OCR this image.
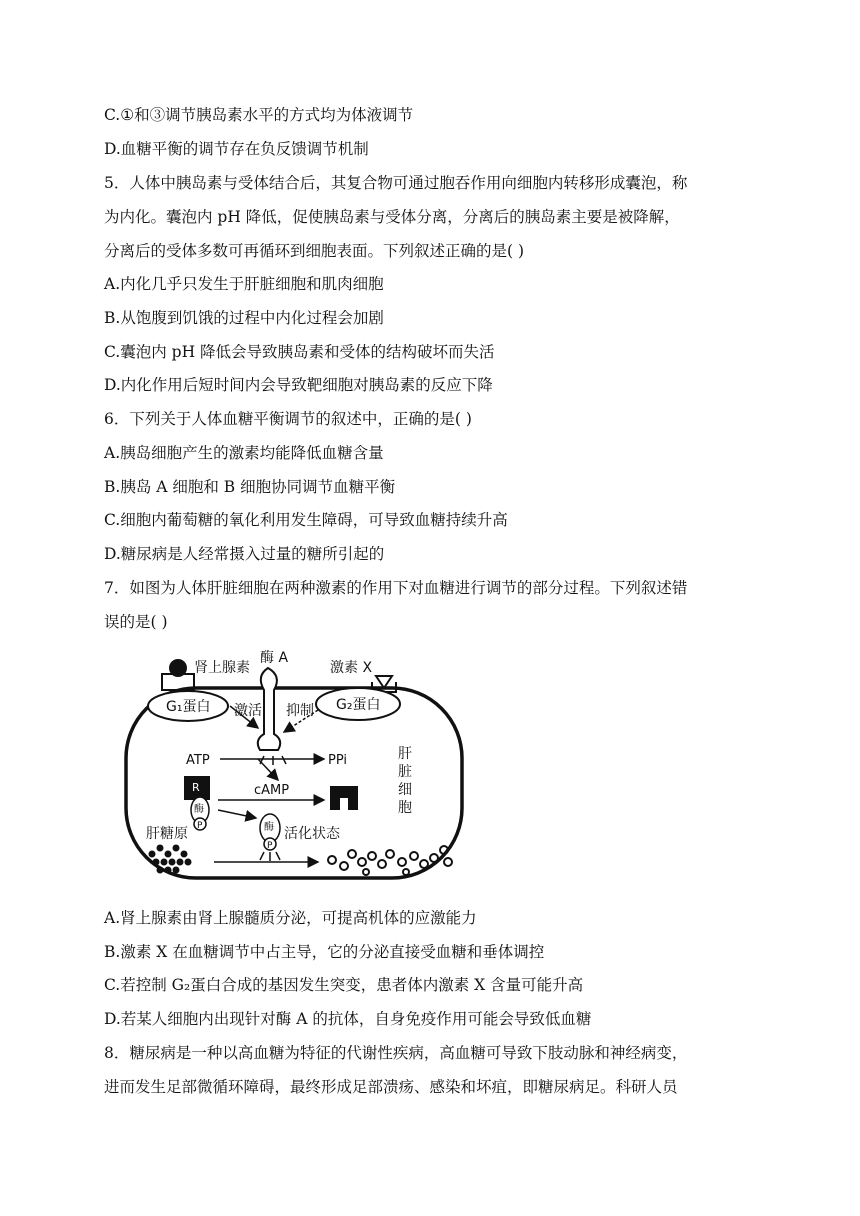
C.①和③调节胰岛素水平的方式均为体液调节
D.血糖平衡的调节存在负反馈调节机制
5．人体中胰岛素与受体结合后，其复合物可通过胞吞作用向细胞内转移形成囊泡，称
为内化。囊泡内 pH 降低，促使胰岛素与受体分离，分离后的胰岛素主要是被降解，
分离后的受体多数可再循环到细胞表面。下列叙述正确的是( )
A.内化几乎只发生于肝脏细胞和肌肉细胞
B.从饱腹到饥饿的过程中内化过程会加剧
C.囊泡内 pH 降低会导致胰岛素和受体的结构破坏而失活
D.内化作用后短时间内会导致靶细胞对胰岛素的反应下降
6．下列关于人体血糖平衡调节的叙述中，正确的是( )
A.胰岛细胞产生的激素均能降低血糖含量
B.胰岛 A 细胞和 B 细胞协同调节血糖平衡
C.细胞内葡萄糖的氧化利用发生障碍，可导致血糖持续升高
D.糖尿病是人经常摄入过量的糖所引起的
7．如图为人体肝脏细胞在两种激素的作用下对血糖进行调节的部分过程。下列叙述错
误的是( )
肾上腺素
酶 A
激素 X
G₁蛋白 激活	G₂蛋白
抑制
ATP	PPi
cAMP
R
酶
P	酶
P
活化状态
肝糖原
肝
脏
细
胞
A.肾上腺素由肾上腺髓质分泌，可提高机体的应激能力
B.激素 X 在血糖调节中占主导，它的分泌直接受血糖和垂体调控
C.若控制 G₂蛋白合成的基因发生突变，患者体内激素 X 含量可能升高
D.若某人细胞内出现针对酶 A 的抗体，自身免疫作用可能会导致低血糖
8．糖尿病是一种以高血糖为特征的代谢性疾病，高血糖可导致下肢动脉和神经病变，
进而发生足部微循环障碍，最终形成足部溃疡、感染和坏疽，即糖尿病足。科研人员
